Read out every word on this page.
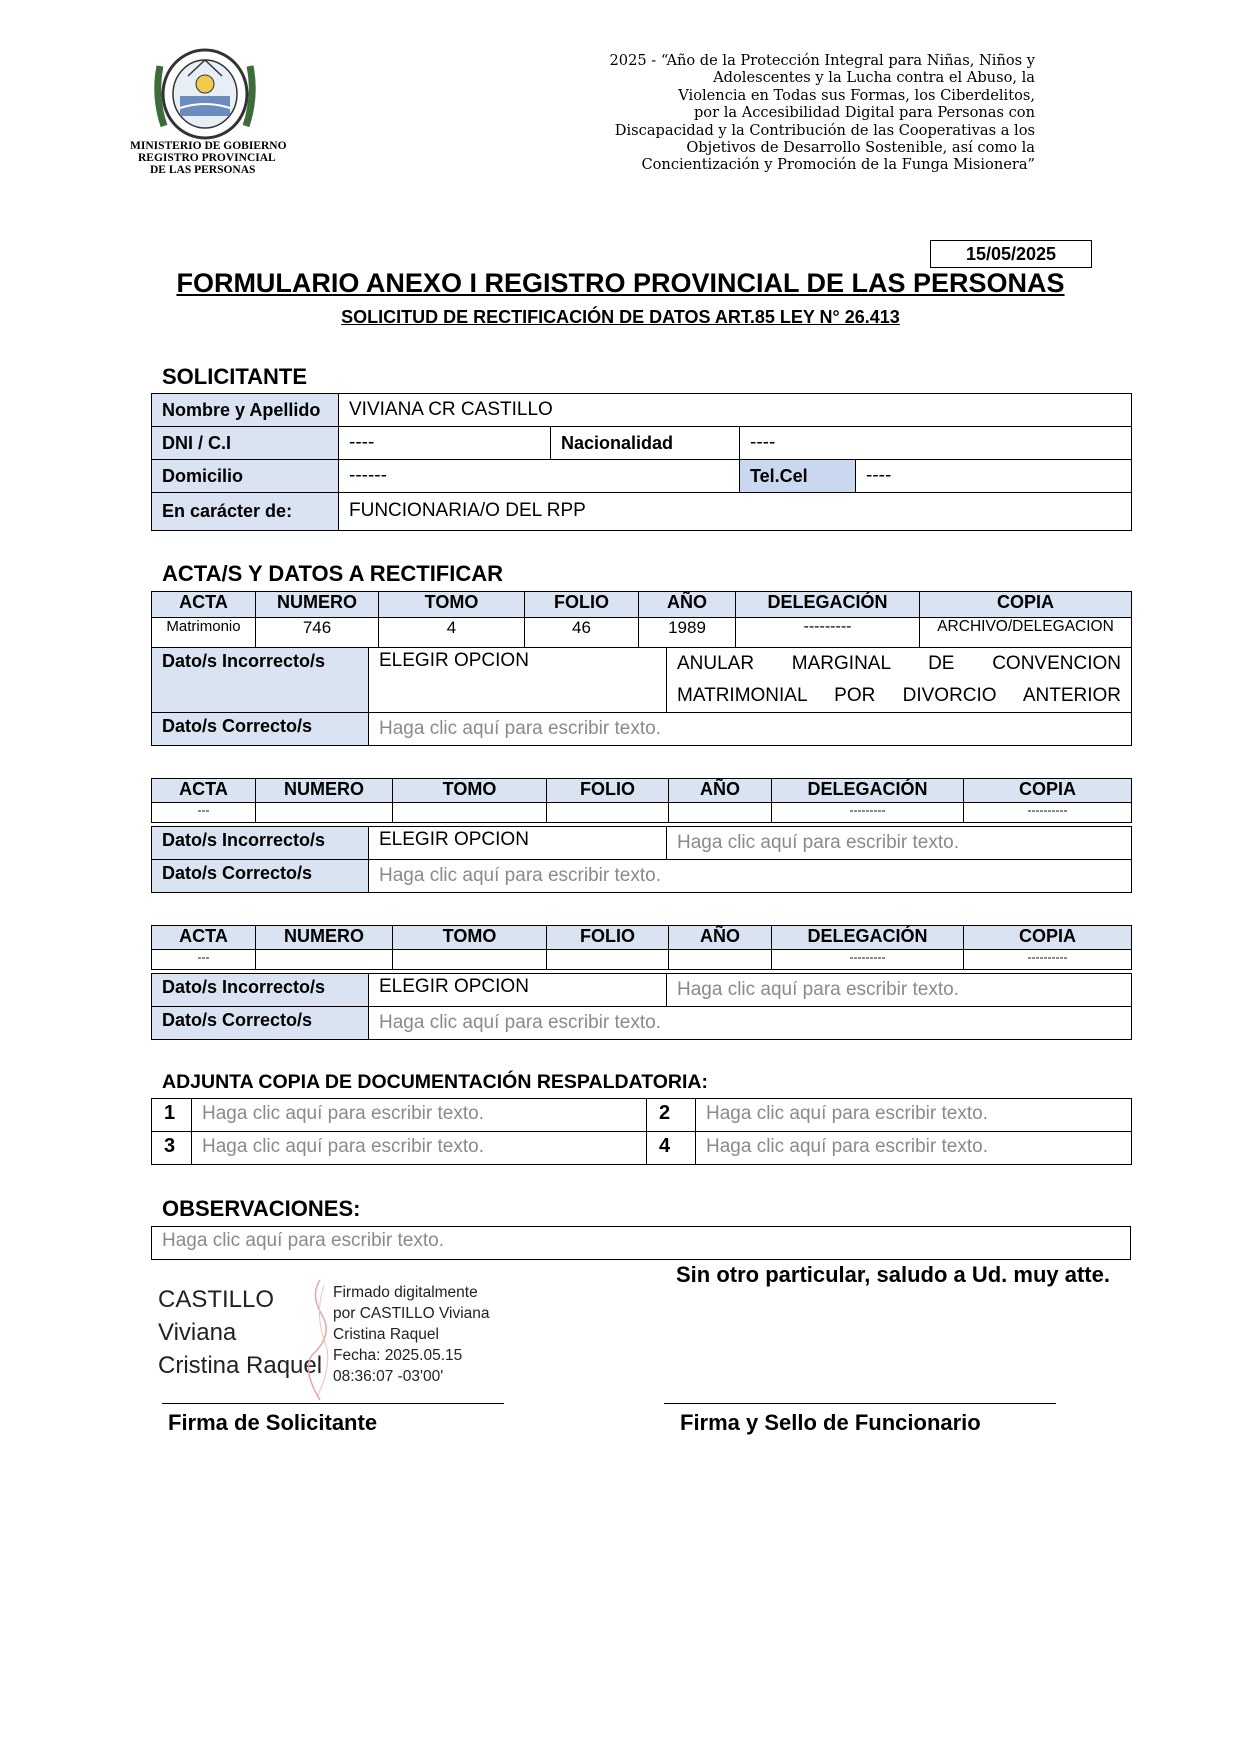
MINISTERIO DE GOBIERNO
REGISTRO PROVINCIAL
DE LAS PERSONAS
2025 - “Año de la Protección Integral para Niñas, Niños y
Adolescentes y la Lucha contra el Abuso, la
Violencia en Todas sus Formas, los Ciberdelitos,
por la Accesibilidad Digital para Personas con
Discapacidad y la Contribución de las Cooperativas a los
Objetivos de Desarrollo Sostenible, así como la
Concientización y Promoción de la Funga Misionera”
15/05/2025
FORMULARIO ANEXO I REGISTRO PROVINCIAL DE LAS PERSONAS
SOLICITUD DE RECTIFICACIÓN DE DATOS ART.85 LEY N° 26.413
SOLICITANTE
Nombre y Apellido	VIVIANA CR CASTILLO			
DNI / C.I	----	Nacionalidad	----	
Domicilio	------		Tel.Cel	----
En carácter de:	FUNCIONARIA/O DEL RPP			
ACTA/S Y DATOS A RECTIFICAR
ACTA	NUMERO	TOMO	FOLIO	AÑO	DELEGACIÓN	COPIA
Matrimonio	746	4	46	1989	---------	ARCHIVO/DELEGACION
Dato/s Incorrecto/s	ELEGIR OPCION	ANULAR MARGINAL DE CONVENCION MATRIMONIAL POR DIVORCIO ANTERIOR
Dato/s Correcto/s	Haga clic aquí para escribir texto.	
ACTA	NUMERO	TOMO	FOLIO	AÑO	DELEGACIÓN	COPIA
---					---------	----------
Dato/s Incorrecto/s	ELEGIR OPCION	Haga clic aquí para escribir texto.
Dato/s Correcto/s	Haga clic aquí para escribir texto.	
ACTA	NUMERO	TOMO	FOLIO	AÑO	DELEGACIÓN	COPIA
---					---------	----------
Dato/s Incorrecto/s	ELEGIR OPCION	Haga clic aquí para escribir texto.
Dato/s Correcto/s	Haga clic aquí para escribir texto.	
ADJUNTA COPIA DE DOCUMENTACIÓN RESPALDATORIA:
1	Haga clic aquí para escribir texto.	2	Haga clic aquí para escribir texto.
3	Haga clic aquí para escribir texto.	4	Haga clic aquí para escribir texto.
OBSERVACIONES:
Haga clic aquí para escribir texto.
Sin otro particular, saludo a Ud. muy atte.
CASTILLO
Viviana
Cristina Raquel
Firmado digitalmente
por CASTILLO Viviana
Cristina Raquel
Fecha: 2025.05.15
08:36:07 -03'00'
Firma de Solicitante	Firma y Sello de Funcionario
